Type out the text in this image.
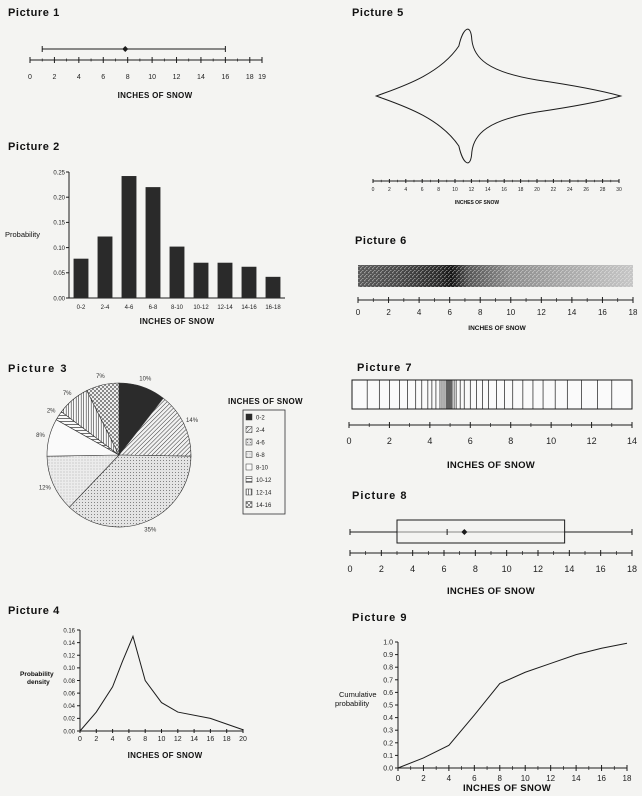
Picture 1
0	2	4	6	8	10 12 14 16 18 19
INCHES OF SNOW
Picture 2
Probability
0.00
0.05
0.10
0.15
0.20
0.25
0-2	2-4	4-6	6-8 8-10 10-12 12-14 14-16 16-18
INCHES OF SNOW
Picture 3
10%
14%
35%
12%
8%
2%
7%
7%
INCHES OF SNOW
0-2
2-4
4-6
6-8
8-10
10-12
12-14
14-16
Picture 4
Probability density
0.00
0.02
0.04
0.06
0.08
0.10
0.12
0.14
0.16
0 2 4 6 8 10 12 14 16 18 20
INCHES OF SNOW
Picture 5
0	2	4	6	8 10 12 14 16 18 20 22 24 26 28 30
INCHES OF SNOW
Picture 6
0	2	4	6	8	10	12	14	16	18
INCHES OF SNOW
Picture 7
0	2	4	6	8	10	12	14
INCHES OF SNOW
Picture 8
0	2	4	6	8	10 12 14 16 18
INCHES OF SNOW
Picture 9
Cumulative probability
0.0
0.1
0.2
0.3
0.4
0.5
0.6
0.7
0.8
0.9
1.0
0	2	4	6	8 10 12 14 16 18
INCHES OF SNOW
